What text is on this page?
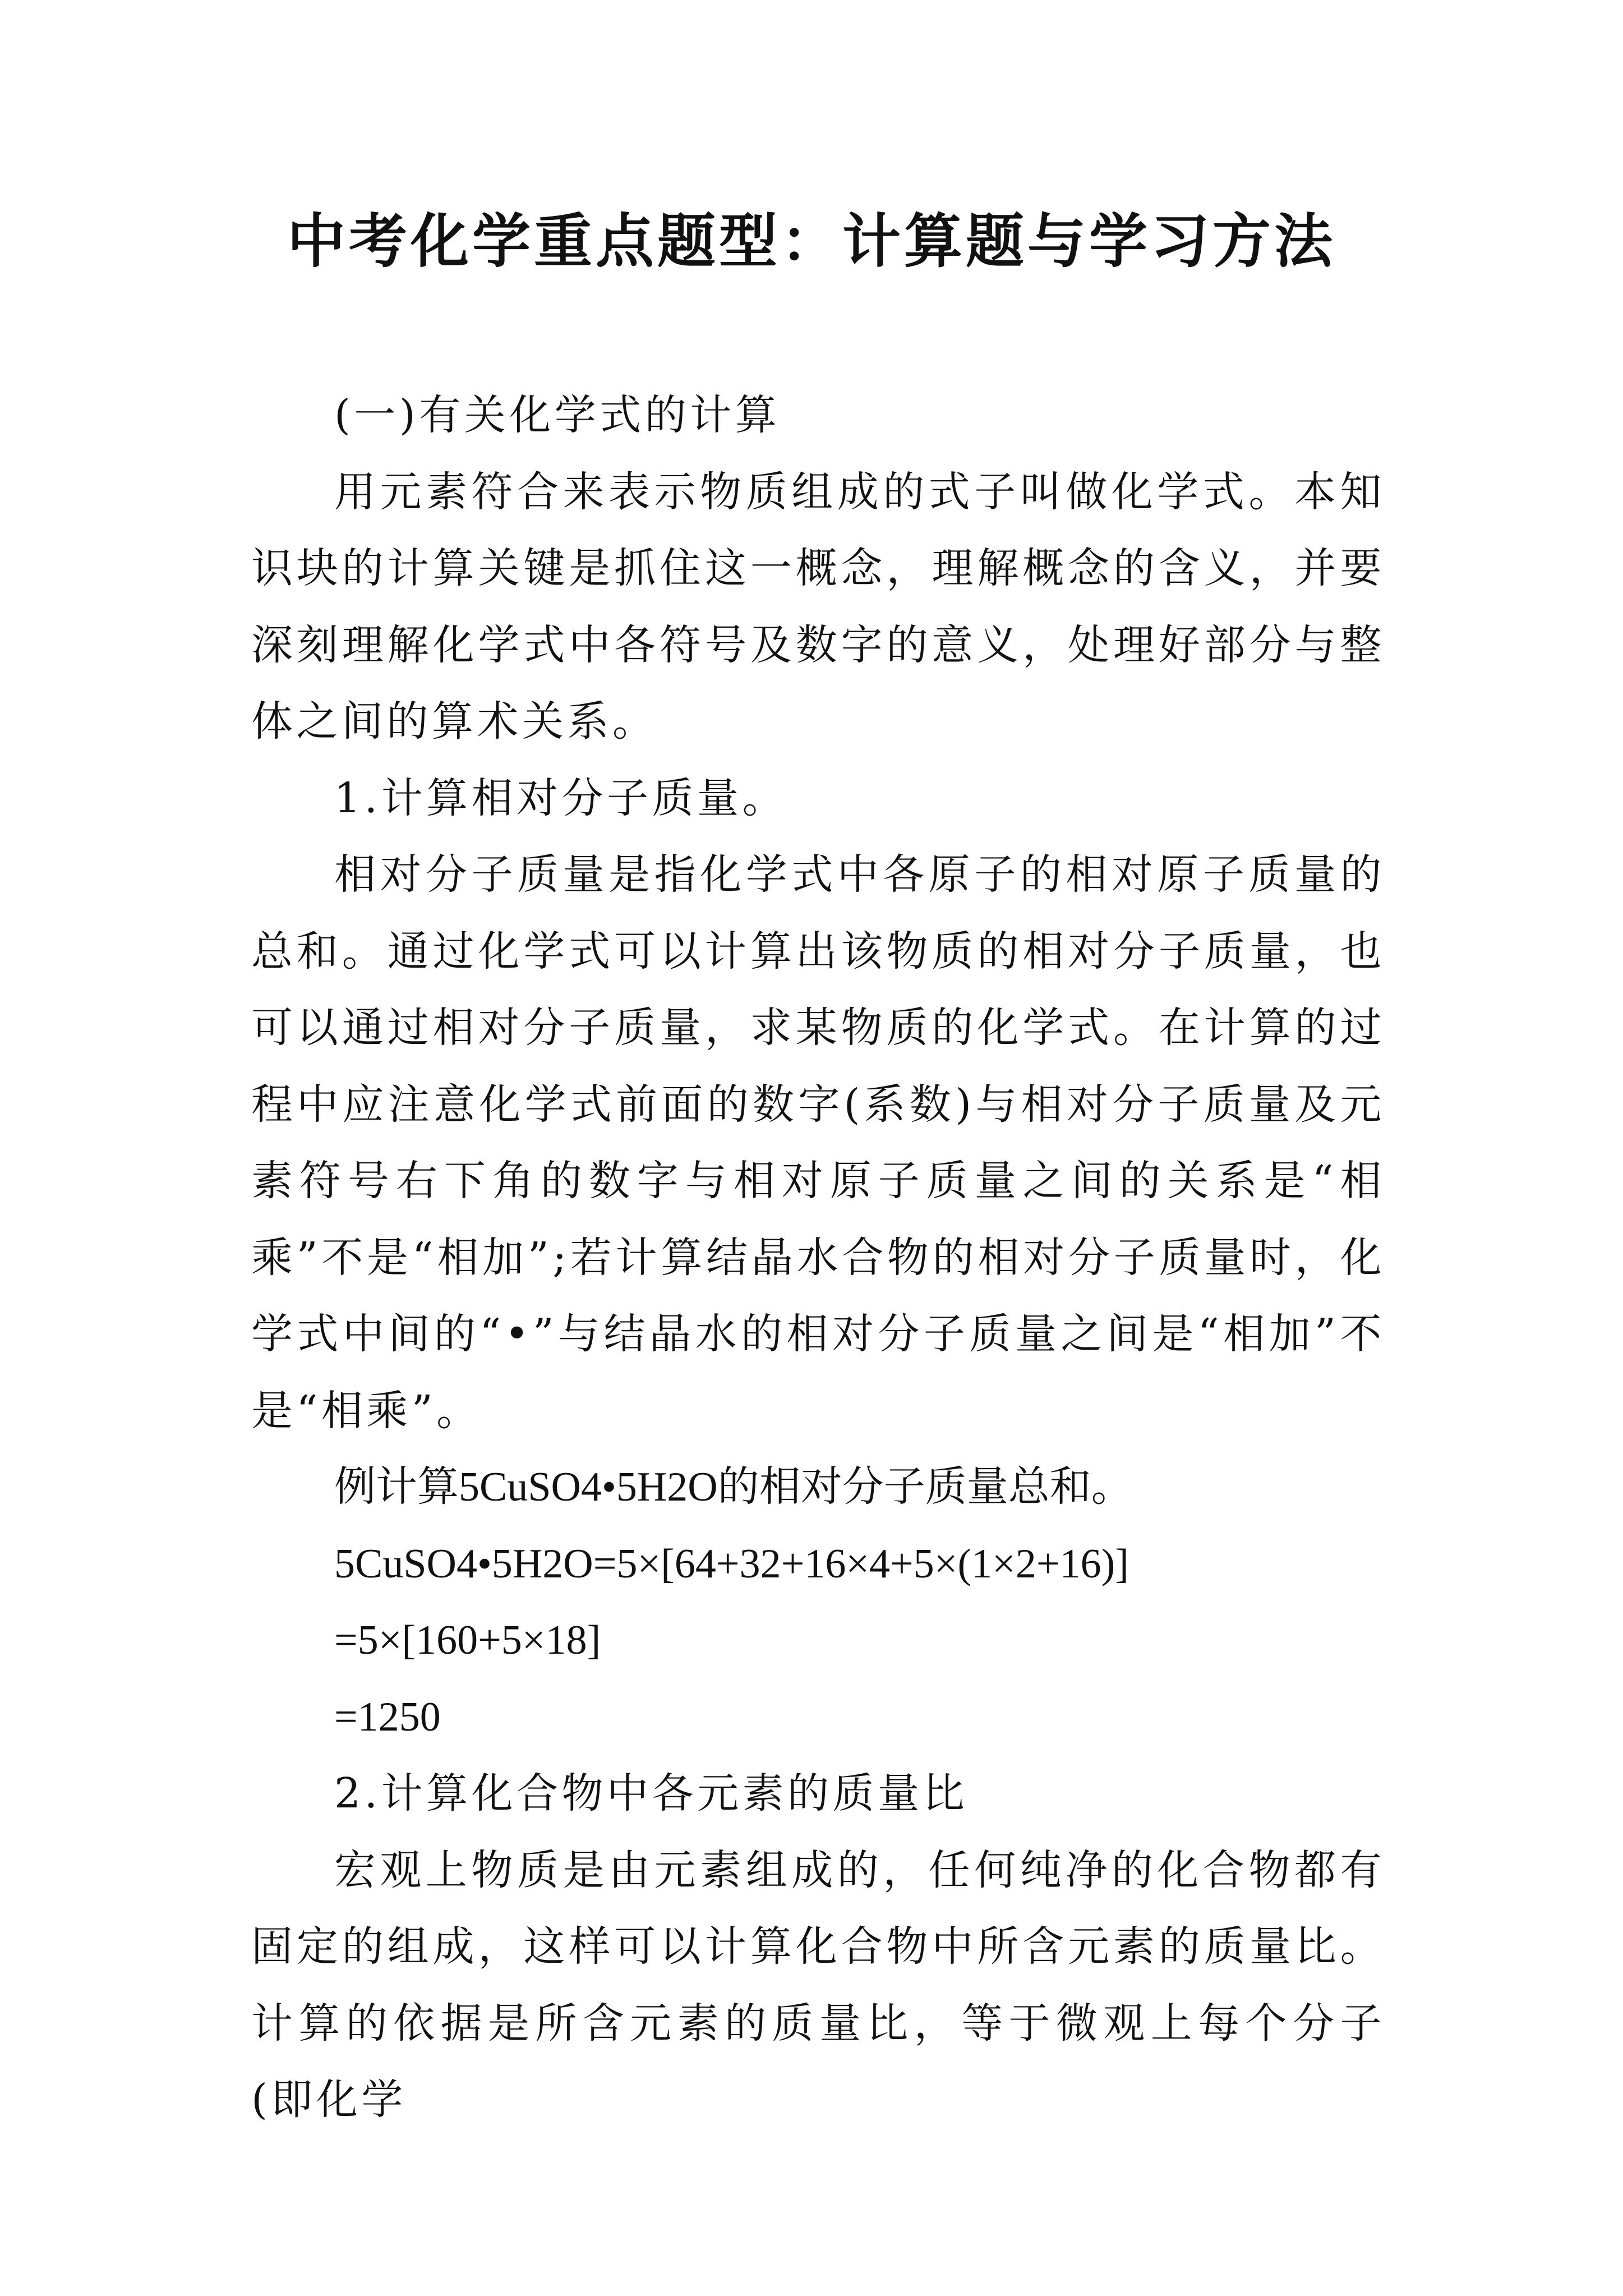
中考化学重点题型：计算题与学习方法

(一)有关化学式的计算

用元素符合来表示物质组成的式子叫做化学式。本知识块的计算关键是抓住这一概念，理解概念的含义，并要深刻理解化学式中各符号及数字的意义，处理好部分与整体之间的算术关系。

1.计算相对分子质量。

相对分子质量是指化学式中各原子的相对原子质量的总和。通过化学式可以计算出该物质的相对分子质量，也可以通过相对分子质量，求某物质的化学式。在计算的过程中应注意化学式前面的数字(系数)与相对分子质量及元素符号右下角的数字与相对原子质量之间的关系是“相乘”不是“相加”;若计算结晶水合物的相对分子质量时，化学式中间的“•”与结晶水的相对分子质量之间是“相加”不是“相乘”。

例计算5CuSO4•5H2O的相对分子质量总和。

5CuSO4•5H2O=5×[64+32+16×4+5×(1×2+16)]

=5×[160+5×18]

=1250

2.计算化合物中各元素的质量比

宏观上物质是由元素组成的，任何纯净的化合物都有固定的组成，这样可以计算化合物中所含元素的质量比。计算的依据是所含元素的质量比，等于微观上每个分子(即化学
